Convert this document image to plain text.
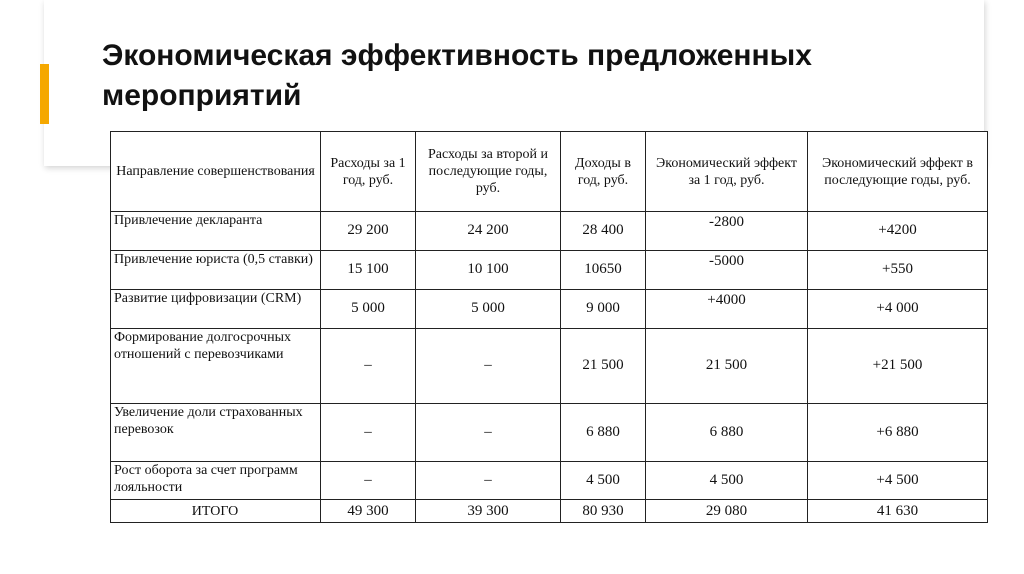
Экономическая эффективность предложенных
мероприятий
Направление совершенствования	Расходы за 1 год, руб.	Расходы за второй и последующие годы, руб.	Доходы в год, руб.	Экономический эффект за 1 год, руб.	Экономический эффект в последующие годы, руб.
Привлечение декларанта	29 200	24 200	28 400	-2800	+4200
Привлечение юриста (0,5 ставки)	15 100	10 100	10650	-5000	+550
Развитие цифровизации (CRM)	5 000	5 000	9 000	+4000	+4 000
Формирование долгосрочных отношений с перевозчиками	–	–	21 500	21 500	+21 500
Увеличение доли страхованных перевозок	–	–	6 880	6 880	+6 880
Рост оборота за счет программ лояльности	–	–	4 500	4 500	+4 500
ИТОГО	49 300	39 300	80 930	29 080	41 630
